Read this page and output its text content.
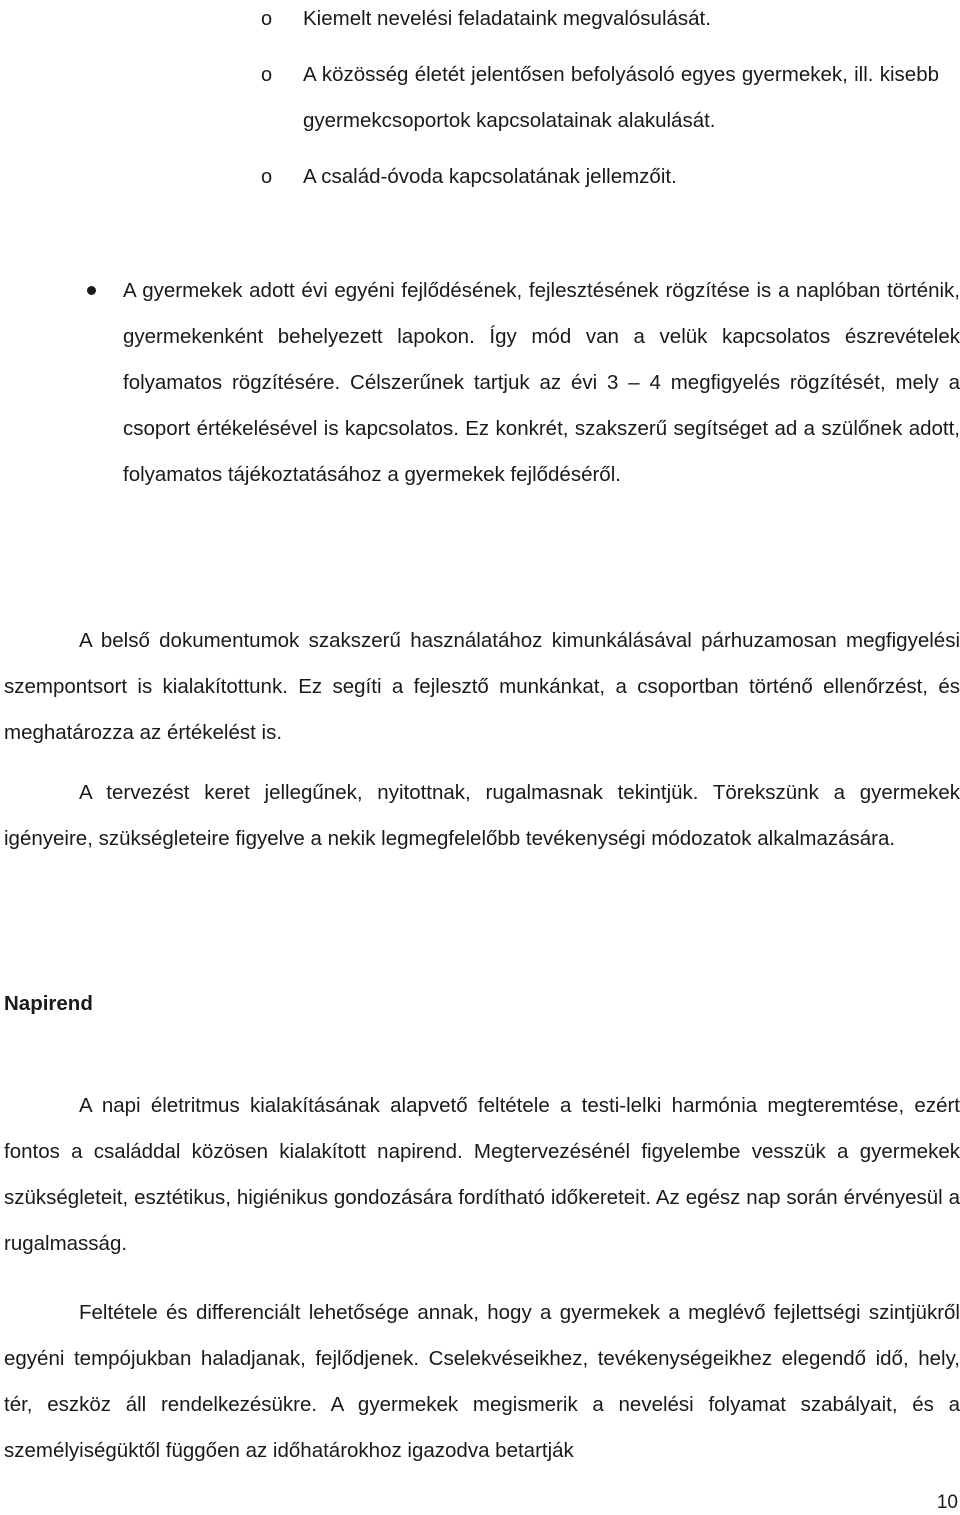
o Kiemelt nevelési feladataink megvalósulását.
o A közösség életét jelentősen befolyásoló egyes gyermekek, ill. kisebb gyermekcsoportok kapcsolatainak alakulását.
o A család-óvoda kapcsolatának jellemzőit.
A gyermekek adott évi egyéni fejlődésének, fejlesztésének rögzítése is a naplóban történik, gyermekenként behelyezett lapokon. Így mód van a velük kapcsolatos észrevételek folyamatos rögzítésére. Célszerűnek tartjuk az évi 3 – 4 megfigyelés rögzítését, mely a csoport értékelésével is kapcsolatos. Ez konkrét, szakszerű segítséget ad a szülőnek adott, folyamatos tájékoztatásához a gyermekek fejlődéséről.

A belső dokumentumok szakszerű használatához kimunkálásával párhuzamosan megfigyelési szempontsort is kialakítottunk. Ez segíti a fejlesztő munkánkat, a csoportban történő ellenőrzést, és meghatározza az értékelést is.

A tervezést keret jellegűnek, nyitottnak, rugalmasnak tekintjük. Törekszünk a gyermekek igényeire, szükségleteire figyelve a nekik legmegfelelőbb tevékenységi módozatok alkalmazására.

Napirend

A napi életritmus kialakításának alapvető feltétele a testi-lelki harmónia megteremtése, ezért fontos a családdal közösen kialakított napirend. Megtervezésénél figyelembe vesszük a gyermekek szükségleteit, esztétikus, higiénikus gondozására fordítható időkereteit. Az egész nap során érvényesül a rugalmasság.

Feltétele és differenciált lehetősége annak, hogy a gyermekek a meglévő fejlettségi szintjükről egyéni tempójukban haladjanak, fejlődjenek. Cselekvéseikhez, tevékenységeikhez elegendő idő, hely, tér, eszköz áll rendelkezésükre. A gyermekek megismerik a nevelési folyamat szabályait, és a személyiségüktől függően az időhatárokhoz igazodva betartják

10
